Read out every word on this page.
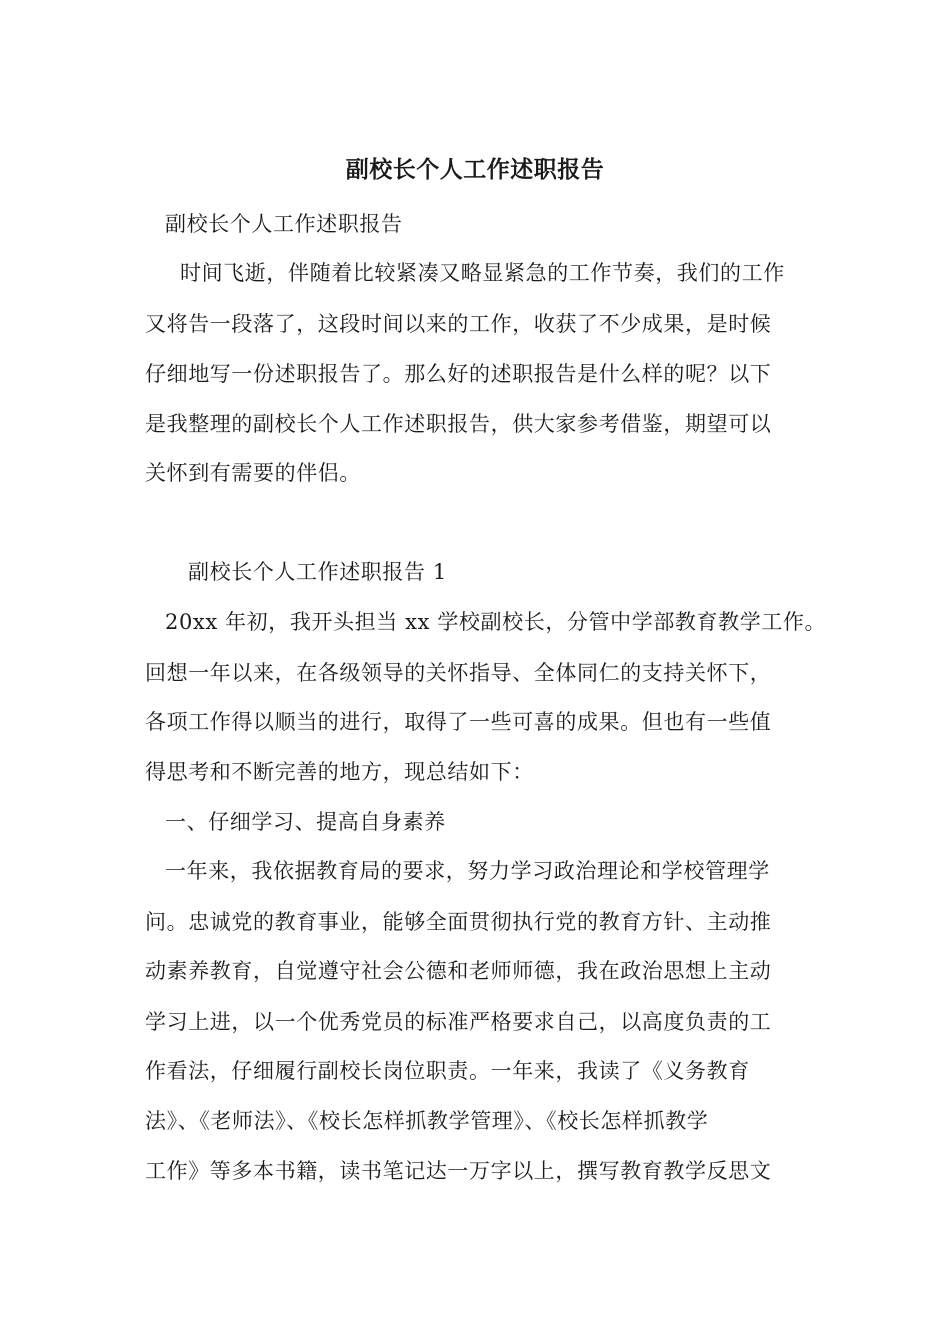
副校长个人工作述职报告
副校长个人工作述职报告
时间飞逝，伴随着比较紧凑又略显紧急的工作节奏，我们的工作
又将告一段落了，这段时间以来的工作，收获了不少成果，是时候
仔细地写一份述职报告了。那么好的述职报告是什么样的呢？以下
是我整理的副校长个人工作述职报告，供大家参考借鉴，期望可以
关怀到有需要的伴侣。
副校长个人工作述职报告 1
20xx 年初，我开头担当 xx 学校副校长，分管中学部教育教学工作。
回想一年以来，在各级领导的关怀指导、全体同仁的支持关怀下，
各项工作得以顺当的进行，取得了一些可喜的成果。但也有一些值
得思考和不断完善的地方，现总结如下：
一、仔细学习、提高自身素养
一年来，我依据教育局的要求，努力学习政治理论和学校管理学
问。忠诚党的教育事业，能够全面贯彻执行党的教育方针、主动推
动素养教育，自觉遵守社会公德和老师师德，我在政治思想上主动
学习上进，以一个优秀党员的标准严格要求自己，以高度负责的工
作看法，仔细履行副校长岗位职责。一年来，我读了《义务教育
法》、《老师法》、《校长怎样抓教学管理》、《校长怎样抓教学
工作》等多本书籍，读书笔记达一万字以上，撰写教育教学反思文
